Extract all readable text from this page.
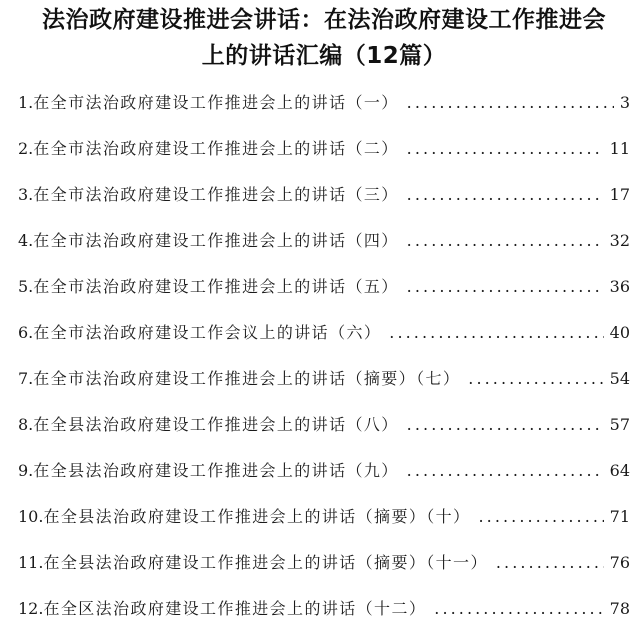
法治政府建设推进会讲话：在法治政府建设工作推进会
上的讲话汇编（12篇）
1. 在全市法治政府建设工作推进会上的讲话（一） . . .	3
2. 在全市法治政府建设工作推进会上的讲话（二） . . .	11
3. 在全市法治政府建设工作推进会上的讲话（三） . . .	17
4. 在全市法治政府建设工作推进会上的讲话（四） . . .	32
5. 在全市法治政府建设工作推进会上的讲话（五） . . .	36
6. 在全市法治政府建设工作会议上的讲话（六） . . .	40
7. 在全市法治政府建设工作推进会上的讲话（摘要）（七） . . .	54
8. 在全县法治政府建设工作推进会上的讲话（八） . . .	57
9. 在全县法治政府建设工作推进会上的讲话（九） . . .	64
10. 在全县法治政府建设工作推进会上的讲话（摘要）（十） . . .	71
11. 在全县法治政府建设工作推进会上的讲话（摘要）（十一） . . .	76
12. 在全区法治政府建设工作推进会上的讲话（十二） . . .	78
